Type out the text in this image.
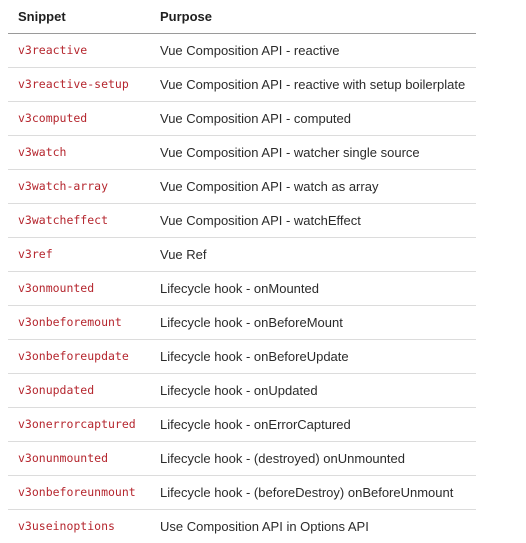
Snippet	Purpose
v3reactive	Vue Composition API - reactive
v3reactive-setup	Vue Composition API - reactive with setup boilerplate
v3computed	Vue Composition API - computed
v3watch	Vue Composition API - watcher single source
v3watch-array	Vue Composition API - watch as array
v3watcheffect	Vue Composition API - watchEffect
v3ref	Vue Ref
v3onmounted	Lifecycle hook - onMounted
v3onbeforemount	Lifecycle hook - onBeforeMount
v3onbeforeupdate	Lifecycle hook - onBeforeUpdate
v3onupdated	Lifecycle hook - onUpdated
v3onerrorcaptured	Lifecycle hook - onErrorCaptured
v3onunmounted	Lifecycle hook - (destroyed) onUnmounted
v3onbeforeunmount	Lifecycle hook - (beforeDestroy) onBeforeUnmount
v3useinoptions	Use Composition API in Options API
